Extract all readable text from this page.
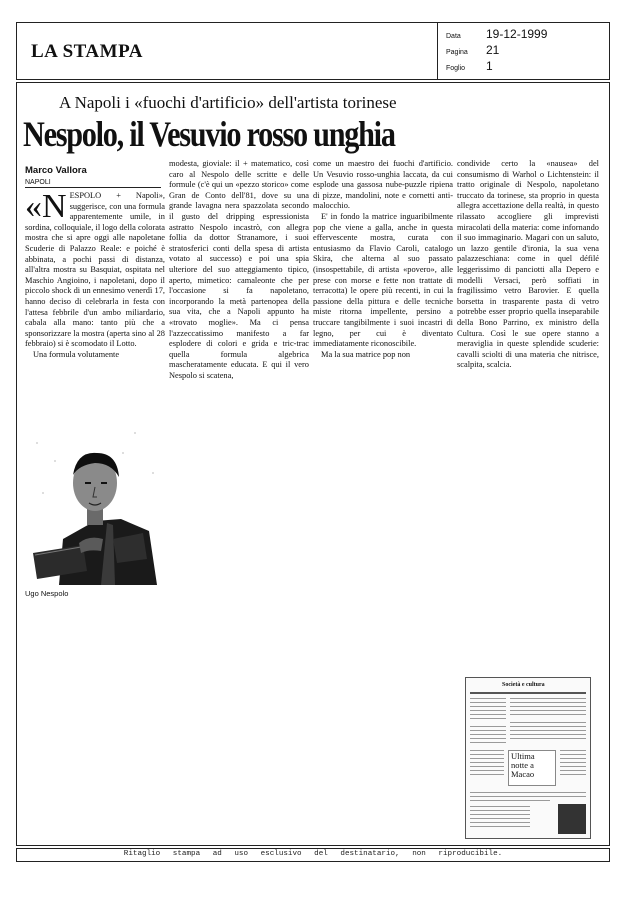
LA STAMPA
Data	19-12-1999
Pagina	21
Foglio	1
A Napoli i «fuochi d'artificio» dell'artista torinese
Nespolo, il Vesuvio rosso unghia
Marco Vallora
NAPOLI

«NESPOLO + Napoli», suggerisce, con una formula apparentemente umile, in sordina, colloquiale, il logo della colorata mostra che si apre oggi alle napoletane Scuderie di Palazzo Reale: e poiché è abbinata, a pochi passi di distanza, all'altra mostra su Basquiat, ospitata nel Maschio Angioino, i napoletani, dopo il piccolo shock di un ennesimo venerdì 17, hanno deciso di celebrarla in festa con l'attesa febbrile d'un ambo miliardario, cabala alla mano: tanto più che a sponsorizzare la mostra (aperta sino al 28 febbraio) si è scomodato il Lotto.

Una formula volutamente

Ugo Nespolo

modesta, gioviale: il + matematico, così caro al Nespolo delle scritte e delle formule (c'è qui un «pezzo storico» come Gran de Conto dell'81, dove su una grande lavagna nera spazzolata secondo il gusto del dripping espressionista astratto Nespolo incastrò, con allegra follia da dottor Stranamore, i suoi stratosferici conti della spesa di artista votato al successo) e poi una spia ulteriore del suo atteggiamento tipico, aperto, mimetico: camaleonte che per l'occasione si fa napoletano, incorporando la metà partenopea della sua vita, che a Napoli appunto ha «trovato moglie». Ma ci pensa l'azzeccatissimo manifesto a far esplodere di colori e grida e tric-trac quella formula algebrica mascheratamente educata. E qui il vero Nespolo si scatena,

come un maestro dei fuochi d'artificio. Un Vesuvio rosso-unghia laccata, da cui esplode una gassosa nube-puzzle ripiena di pizze, mandolini, note e cornetti anti-malocchio.

E' in fondo la matrice inguaribilmente pop che viene a galla, anche in questa effervescente mostra, curata con entusiasmo da Flavio Caroli, catalogo Skira, che alterna al suo passato (insospettabile, di artista «povero», alle prese con morse e fette non trattate di terracotta) le opere più recenti, in cui la passione della pittura e delle tecniche miste ritorna impellente, persino a truccare tangibilmente i suoi incastri di legno, per cui è diventato immediatamente riconoscibile.

Ma la sua matrice pop non

condivide certo la «nausea» del consumismo di Warhol o Lichtenstein: il tratto originale di Nespolo, napoletano truccato da torinese, sta proprio in questa allegra accettazione della realtà, in questo rilassato accogliere gli imprevisti miracolati della materia: come infornando il suo immaginario. Magari con un saluto, un lazzo gentile d'ironia, la sua vena palazzeschiana: come in quel défilé leggerissimo di panciotti alla Depero e modelli Versaci, però soffiati in fragilissimo vetro Barovier. E quella borsetta in trasparente pasta di vetro potrebbe esser proprio quella inseparabile della Bono Parrino, ex ministro della Cultura. Così le sue opere stanno a meraviglia in queste splendide scuderie: cavalli sciolti di una materia che nitrisce, scalpita, scalcia.

Società e cultura
Ultima notte a Macao
Ritaglio stampa ad uso esclusivo del destinatario, non riproducibile.
